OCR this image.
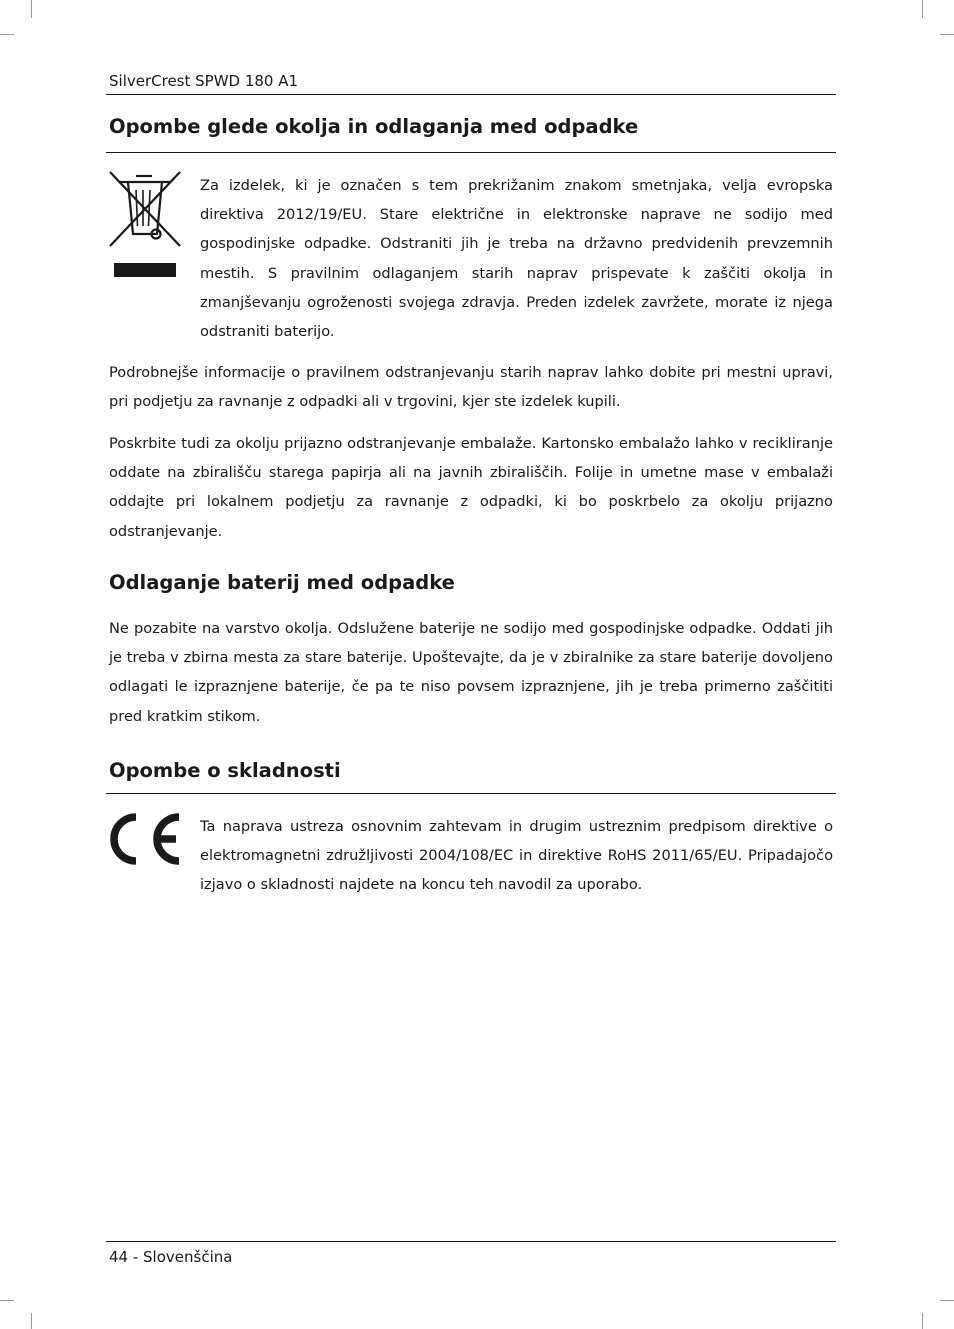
SilverCrest SPWD 180 A1
Opombe glede okolja in odlaganja med odpadke

Za izdelek, ki je označen s tem prekrižanim znakom smetnjaka, velja evropska direktiva 2012/19/EU. Stare električne in elektronske naprave ne sodijo med gospodinjske odpadke. Odstraniti jih je treba na državno predvidenih prevzemnih mestih. S pravilnim odlaganjem starih naprav prispevate k zaščiti okolja in zmanjševanju ogroženosti svojega zdravja. Preden izdelek zavržete, morate iz njega odstraniti baterijo.

Podrobnejše informacije o pravilnem odstranjevanju starih naprav lahko dobite pri mestni upravi, pri podjetju za ravnanje z odpadki ali v trgovini, kjer ste izdelek kupili.

Poskrbite tudi za okolju prijazno odstranjevanje embalaže. Kartonsko embalažo lahko v recikliranje oddate na zbirališču starega papirja ali na javnih zbirališčih. Folije in umetne mase v embalaži oddajte pri lokalnem podjetju za ravnanje z odpadki, ki bo poskrbelo za okolju prijazno odstranjevanje.

Odlaganje baterij med odpadke

Ne pozabite na varstvo okolja. Odslužene baterije ne sodijo med gospodinjske odpadke. Oddati jih je treba v zbirna mesta za stare baterije. Upoštevajte, da je v zbiralnike za stare baterije dovoljeno odlagati le izpraznjene baterije, če pa te niso povsem izpraznjene, jih je treba primerno zaščititi pred kratkim stikom.

Opombe o skladnosti

Ta naprava ustreza osnovnim zahtevam in drugim ustreznim predpisom direktive o elektromagnetni združljivosti 2004/108/EC in direktive RoHS 2011/65/EU. Pripadajočo izjavo o skladnosti najdete na koncu teh navodil za uporabo.

44 - Slovenščina
